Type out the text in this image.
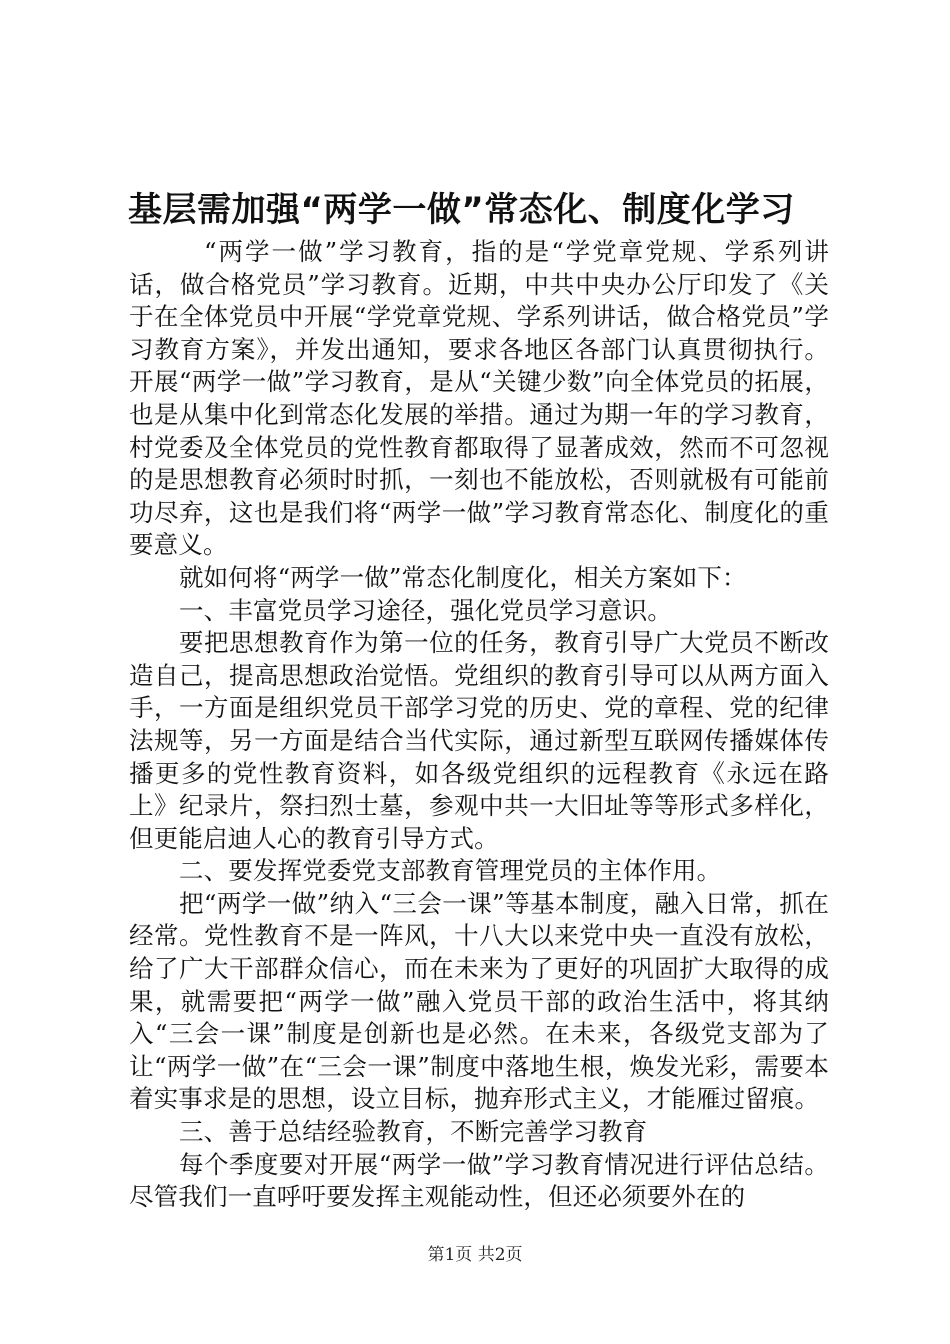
基层需加强“两学一做”常态化、制度化学习

“两学一做”学习教育，指的是“学党章党规、学系列讲话，做合格党员”学习教育。近期，中共中央办公厅印发了《关于在全体党员中开展“学党章党规、学系列讲话，做合格党员”学习教育方案》，并发出通知，要求各地区各部门认真贯彻执行。开展“两学一做”学习教育，是从“关键少数”向全体党员的拓展，也是从集中化到常态化发展的举措。通过为期一年的学习教育，村党委及全体党员的党性教育都取得了显著成效，然而不可忽视的是思想教育必须时时抓，一刻也不能放松，否则就极有可能前功尽弃，这也是我们将“两学一做”学习教育常态化、制度化的重要意义。

就如何将“两学一做”常态化制度化，相关方案如下：

一、丰富党员学习途径，强化党员学习意识。

要把思想教育作为第一位的任务，教育引导广大党员不断改造自己，提高思想政治觉悟。党组织的教育引导可以从两方面入手，一方面是组织党员干部学习党的历史、党的章程、党的纪律法规等，另一方面是结合当代实际，通过新型互联网传播媒体传播更多的党性教育资料，如各级党组织的远程教育《永远在路上》纪录片，祭扫烈士墓，参观中共一大旧址等等形式多样化，但更能启迪人心的教育引导方式。

二、要发挥党委党支部教育管理党员的主体作用。

把“两学一做”纳入“三会一课”等基本制度，融入日常，抓在经常。党性教育不是一阵风，十八大以来党中央一直没有放松，给了广大干部群众信心，而在未来为了更好的巩固扩大取得的成果，就需要把“两学一做”融入党员干部的政治生活中，将其纳入“三会一课”制度是创新也是必然。在未来，各级党支部为了让“两学一做”在“三会一课”制度中落地生根，焕发光彩，需要本着实事求是的思想，设立目标，抛弃形式主义，才能雁过留痕。

三、善于总结经验教育，不断完善学习教育

每个季度要对开展“两学一做”学习教育情况进行评估总结。尽管我们一直呼吁要发挥主观能动性，但还必须要外在的

第1页 共2页
